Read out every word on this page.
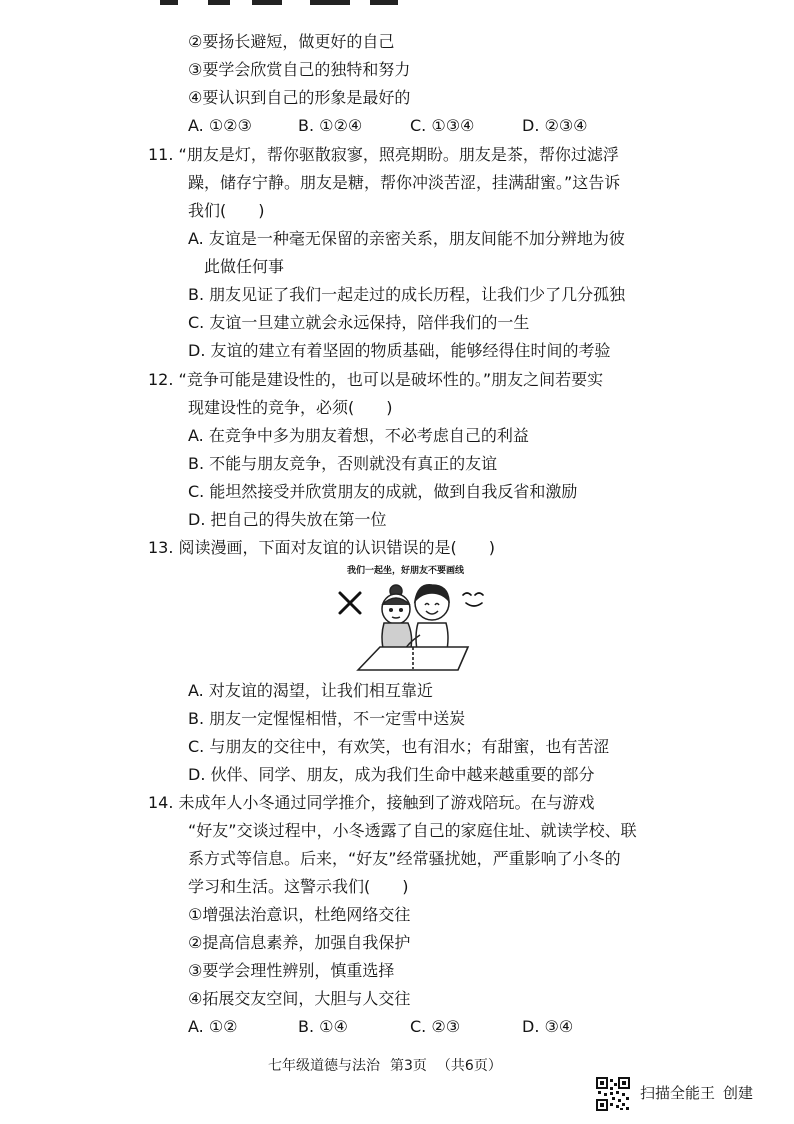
②要扬长避短，做更好的自己
③要学会欣赏自己的独特和努力
④要认识到自己的形象是最好的
A. ①②③	B. ①②④	C. ①③④	D. ②③④
11. “朋友是灯，帮你驱散寂寥，照亮期盼。朋友是茶，帮你过滤浮
躁，储存宁静。朋友是糖，帮你冲淡苦涩，挂满甜蜜。”这告诉
我们(　　)
A. 友谊是一种毫无保留的亲密关系，朋友间能不加分辨地为彼
此做任何事
B. 朋友见证了我们一起走过的成长历程，让我们少了几分孤独
C. 友谊一旦建立就会永远保持，陪伴我们的一生
D. 友谊的建立有着坚固的物质基础，能够经得住时间的考验
12. “竞争可能是建设性的，也可以是破坏性的。”朋友之间若要实
现建设性的竞争，必须(　　)
A. 在竞争中多为朋友着想，不必考虑自己的利益
B. 不能与朋友竞争，否则就没有真正的友谊
C. 能坦然接受并欣赏朋友的成就，做到自我反省和激励
D. 把自己的得失放在第一位
13. 阅读漫画，下面对友谊的认识错误的是(　　)
我们一起坐，好朋友不要画线
A. 对友谊的渴望，让我们相互靠近
B. 朋友一定惺惺相惜，不一定雪中送炭
C. 与朋友的交往中，有欢笑，也有泪水；有甜蜜，也有苦涩
D. 伙伴、同学、朋友，成为我们生命中越来越重要的部分
14. 未成年人小冬通过同学推介，接触到了游戏陪玩。在与游戏
“好友”交谈过程中，小冬透露了自己的家庭住址、就读学校、联
系方式等信息。后来，“好友”经常骚扰她，严重影响了小冬的
学习和生活。这警示我们(　　)
①增强法治意识，杜绝网络交往
②提高信息素养，加强自我保护
③要学会理性辨别，慎重选择
④拓展交友空间，大胆与人交往
A. ①②	B. ①④	C. ②③	D. ③④
七年级道德与法治 第3页 （共6页）
扫描全能王 创建
